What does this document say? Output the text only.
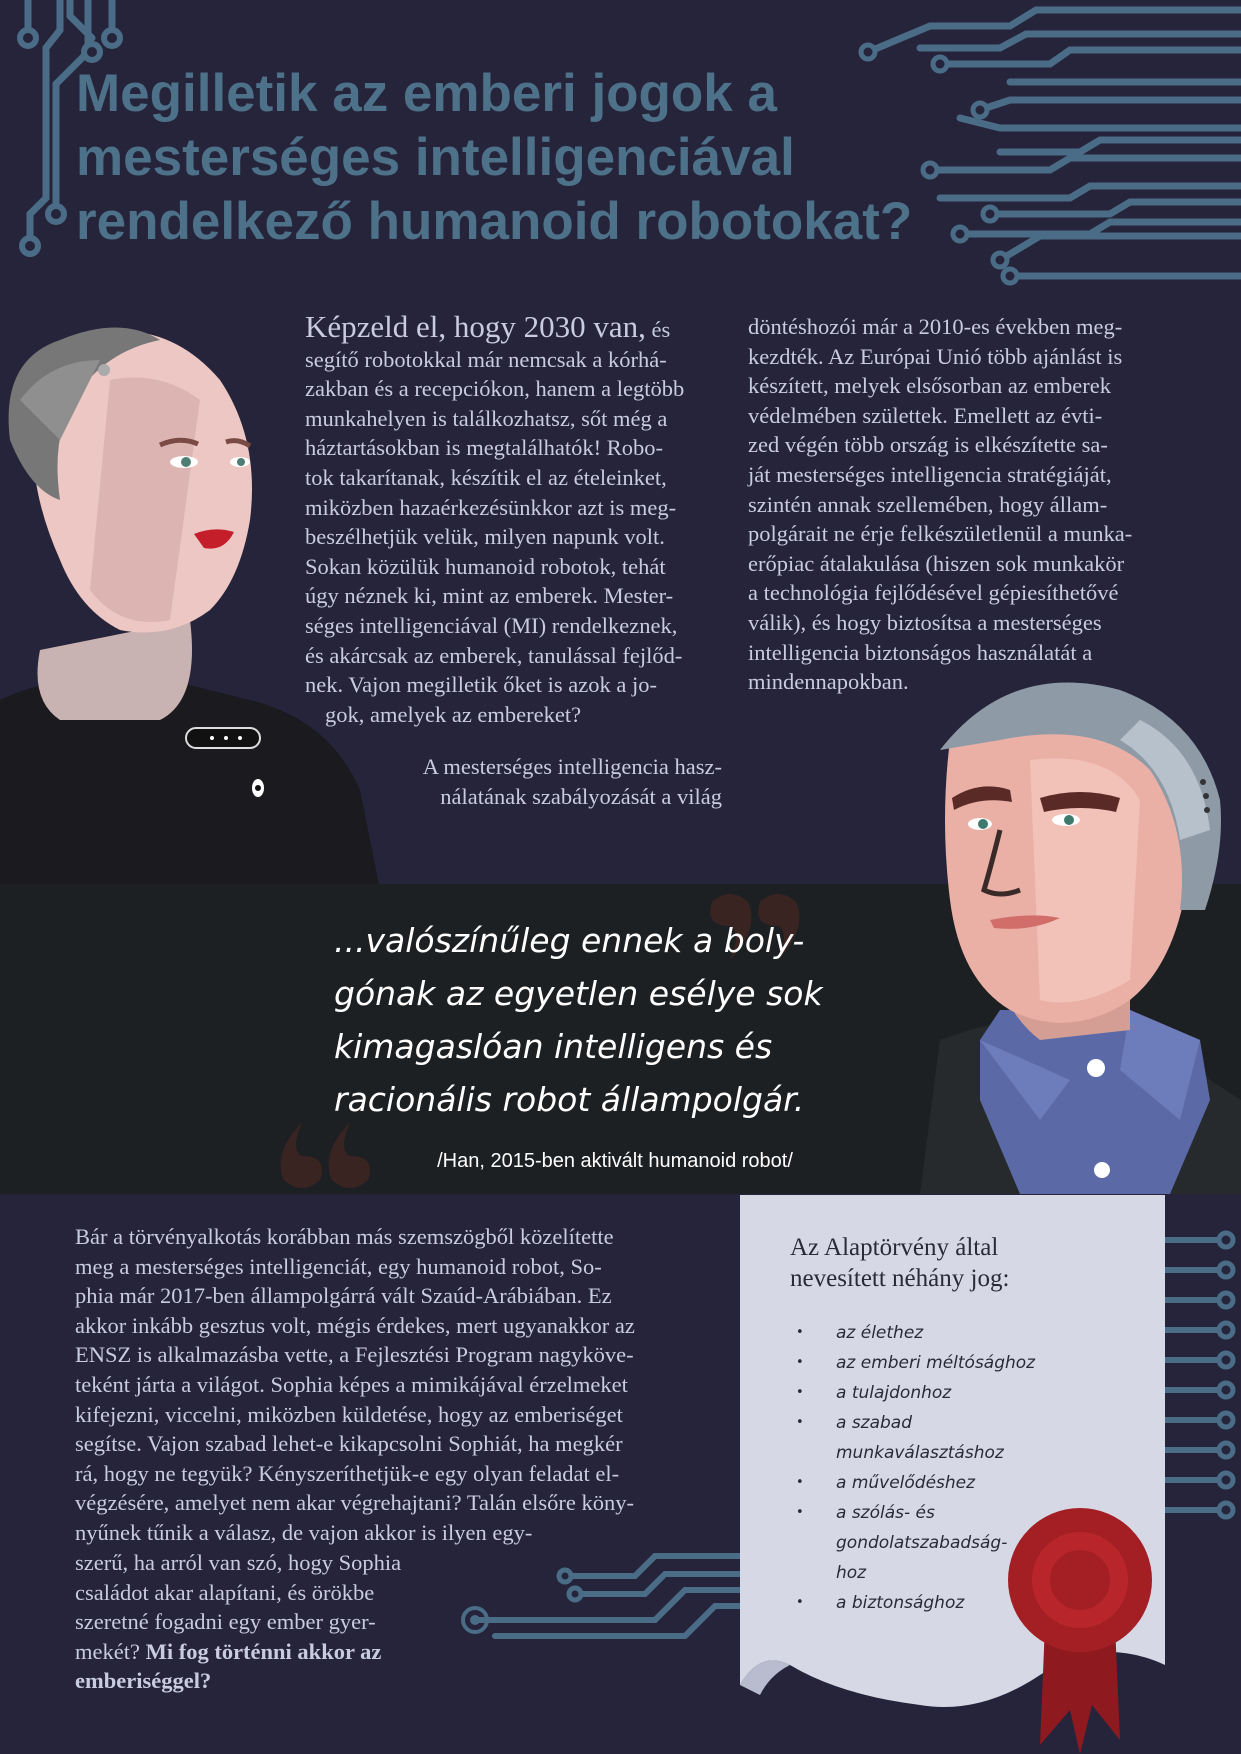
Megilletik az emberi jogok a
mesterséges intelligenciával
rendelkező humanoid robotokat?
Képzeld el, hogy 2030 van, és
segítő robotokkal már nemcsak a kórhá-
zakban és a recepciókon, hanem a legtöbb
munkahelyen is találkozhatsz, sőt még a
háztartásokban is megtalálhatók! Robo-
tok takarítanak, készítik el az ételeinket,
miközben hazaérkezésünkkor azt is meg-
beszélhetjük velük, milyen napunk volt.
Sokan közülük humanoid robotok, tehát
úgy néznek ki, mint az emberek. Mester-
séges intelligenciával (MI) rendelkeznek,
és akárcsak az emberek, tanulással fejlőd-
nek. Vajon megilletik őket is azok a jo-
gok, amelyek az embereket?
A mesterséges intelligencia hasz-
nálatának szabályozását a világ
döntéshozói már a 2010-es években meg-
kezdték. Az Európai Unió több ajánlást is
készített, melyek elsősorban az emberek
védelmében születtek. Emellett az évti-
zed végén több ország is elkészítette sa-
ját mesterséges intelligencia stratégiáját,
szintén annak szellemében, hogy állam-
polgárait ne érje felkészületlenül a munka-
erőpiac átalakulása (hiszen sok munkakör
a technológia fejlődésével gépiesíthetővé
válik), és hogy biztosítsa a mesterséges
intelligencia biztonságos használatát a
mindennapokban.
...valószínűleg ennek a boly-
gónak az egyetlen esélye sok
kimagaslóan intelligens és
racionális robot állampolgár.
/Han, 2015-ben aktivált humanoid robot/
Bár a törvényalkotás korábban más szemszögből közelítette
meg a mesterséges intelligenciát, egy humanoid robot, So-
phia már 2017-ben állampolgárrá vált Szaúd-Arábiában. Ez
akkor inkább gesztus volt, mégis érdekes, mert ugyanakkor az
ENSZ is alkalmazásba vette, a Fejlesztési Program nagyköve-
teként járta a világot. Sophia képes a mimikájával érzelmeket
kifejezni, viccelni, miközben küldetése, hogy az emberiséget
segítse. Vajon szabad lehet-e kikapcsolni Sophiát, ha megkér
rá, hogy ne tegyük? Kényszeríthetjük-e egy olyan feladat el-
végzésére, amelyet nem akar végrehajtani? Talán elsőre köny-
nyűnek tűnik a válasz, de vajon akkor is ilyen egy-
szerű, ha arról van szó, hogy Sophia
családot akar alapítani, és örökbe
szeretné fogadni egy ember gyer-
mekét? Mi fog történni akkor az
emberiséggel?
Az Alaptörvény által
nevesített néhány jog:
• az élethez
• az emberi méltósághoz
• a tulajdonhoz
• a szabad munkaválasztáshoz
• a művelődéshez
• a szólás- és gondolatszabadság-
hoz
• a biztonsághoz
